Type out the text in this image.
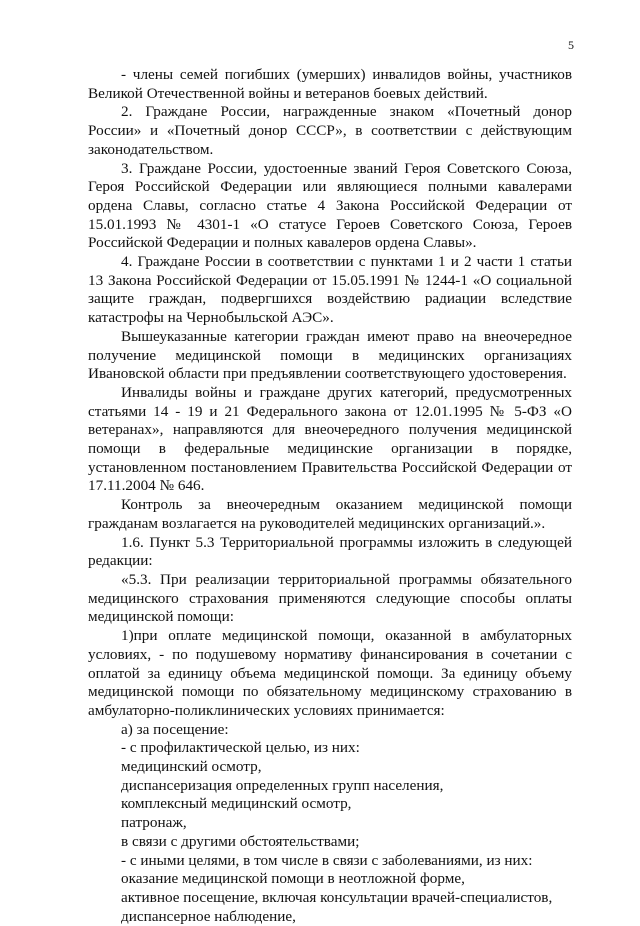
5

- члены семей погибших (умерших) инвалидов войны, участников Великой Отечественной войны и ветеранов боевых действий.

2. Граждане России, награжденные знаком «Почетный донор России» и «Почетный донор СССР», в соответствии с действующим законодательством.

3. Граждане России, удостоенные званий Героя Советского Союза, Героя Российской Федерации или являющиеся полными кавалерами ордена Славы, согласно статье 4 Закона Российской Федерации от 15.01.1993 № 4301-1 «О статусе Героев Советского Союза, Героев Российской Федерации и полных кавалеров ордена Славы».

4. Граждане России в соответствии с пунктами 1 и 2 части 1 статьи 13 Закона Российской Федерации от 15.05.1991 № 1244-1 «О социальной защите граждан, подвергшихся воздействию радиации вследствие катастрофы на Чернобыльской АЭС».

Вышеуказанные категории граждан имеют право на внеочередное получение медицинской помощи в медицинских организациях Ивановской области при предъявлении соответствующего удостоверения.

Инвалиды войны и граждане других категорий, предусмотренных статьями 14 - 19 и 21 Федерального закона от 12.01.1995 № 5-ФЗ «О ветеранах», направляются для внеочередного получения медицинской помощи в федеральные медицинские организации в порядке, установленном постановлением Правительства Российской Федерации от 17.11.2004 № 646.

Контроль за внеочередным оказанием медицинской помощи гражданам возлагается на руководителей медицинских организаций.».

1.6. Пункт 5.3 Территориальной программы изложить в следующей редакции:

«5.3. При реализации территориальной программы обязательного медицинского страхования применяются следующие способы оплаты медицинской помощи:

1)при оплате медицинской помощи, оказанной в амбулаторных условиях, - по подушевому нормативу финансирования в сочетании с оплатой за единицу объема медицинской помощи. За единицу объему медицинской помощи по обязательному медицинскому страхованию в амбулаторно-поликлинических условиях принимается:

а) за посещение:
- с профилактической целью, из них:
медицинский осмотр,
диспансеризация определенных групп населения,
комплексный медицинский осмотр,
патронаж,
в связи с другими обстоятельствами;
- с иными целями, в том числе в связи с заболеваниями, из них:
оказание медицинской помощи в неотложной форме,
активное посещение, включая консультации врачей-специалистов,
диспансерное наблюдение,
